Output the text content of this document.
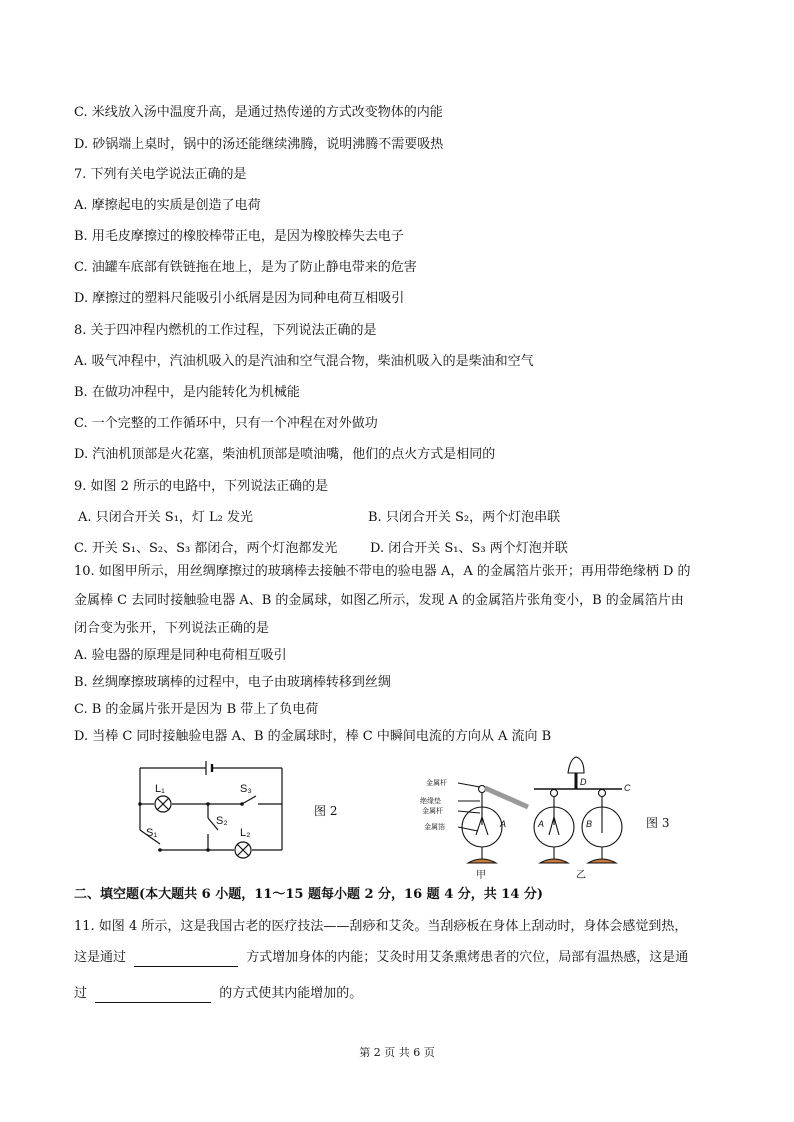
C. 米线放入汤中温度升高，是通过热传递的方式改变物体的内能
D. 砂锅端上桌时，锅中的汤还能继续沸腾，说明沸腾不需要吸热
7. 下列有关电学说法正确的是
A. 摩擦起电的实质是创造了电荷
B. 用毛皮摩擦过的橡胶棒带正电，是因为橡胶棒失去电子
C. 油罐车底部有铁链拖在地上，是为了防止静电带来的危害
D. 摩擦过的塑料尺能吸引小纸屑是因为同种电荷互相吸引
8. 关于四冲程内燃机的工作过程，下列说法正确的是
A. 吸气冲程中，汽油机吸入的是汽油和空气混合物，柴油机吸入的是柴油和空气
B. 在做功冲程中，是内能转化为机械能
C. 一个完整的工作循环中，只有一个冲程在对外做功
D. 汽油机顶部是火花塞，柴油机顶部是喷油嘴，他们的点火方式是相同的
9. 如图 2 所示的电路中，下列说法正确的是
A. 只闭合开关 S₁，灯 L₂ 发光	B. 只闭合开关 S₂，两个灯泡串联
C. 开关 S₁、S₂、S₃ 都闭合，两个灯泡都发光	D. 闭合开关 S₁、S₃ 两个灯泡并联
10. 如图甲所示，用丝绸摩擦过的玻璃棒去接触不带电的验电器 A，A 的金属箔片张开；再用带绝缘柄 D 的
金属棒 C 去同时接触验电器 A、B 的金属球，如图乙所示，发现 A 的金属箔片张角变小，B 的金属箔片由
闭合变为张开，下列说法正确的是
A. 验电器的原理是同种电荷相互吸引
B. 丝绸摩擦玻璃棒的过程中，电子由玻璃棒转移到丝绸
C. B 的金属片张开是因为 B 带上了负电荷
D. 当棒 C 同时接触验电器 A、B 的金属球时，棒 C 中瞬间电流的方向从 A 流向 B
L₁	S₃
S₂
S₁	L₂
图 2
金属杆
绝缘垫
金属杆
金属箔	A	A	B
C
D
甲	乙
图 3
二、填空题(本大题共 6 小题，11～15 题每小题 2 分，16 题 4 分，共 14 分)
11. 如图 4 所示，这是我国古老的医疗技法——刮痧和艾灸。当刮痧板在身体上刮动时，身体会感觉到热，
这是通过	方式增加身体的内能；艾灸时用艾条熏烤患者的穴位，局部有温热感，这是通
过	的方式使其内能增加的。
第 2 页 共 6 页
